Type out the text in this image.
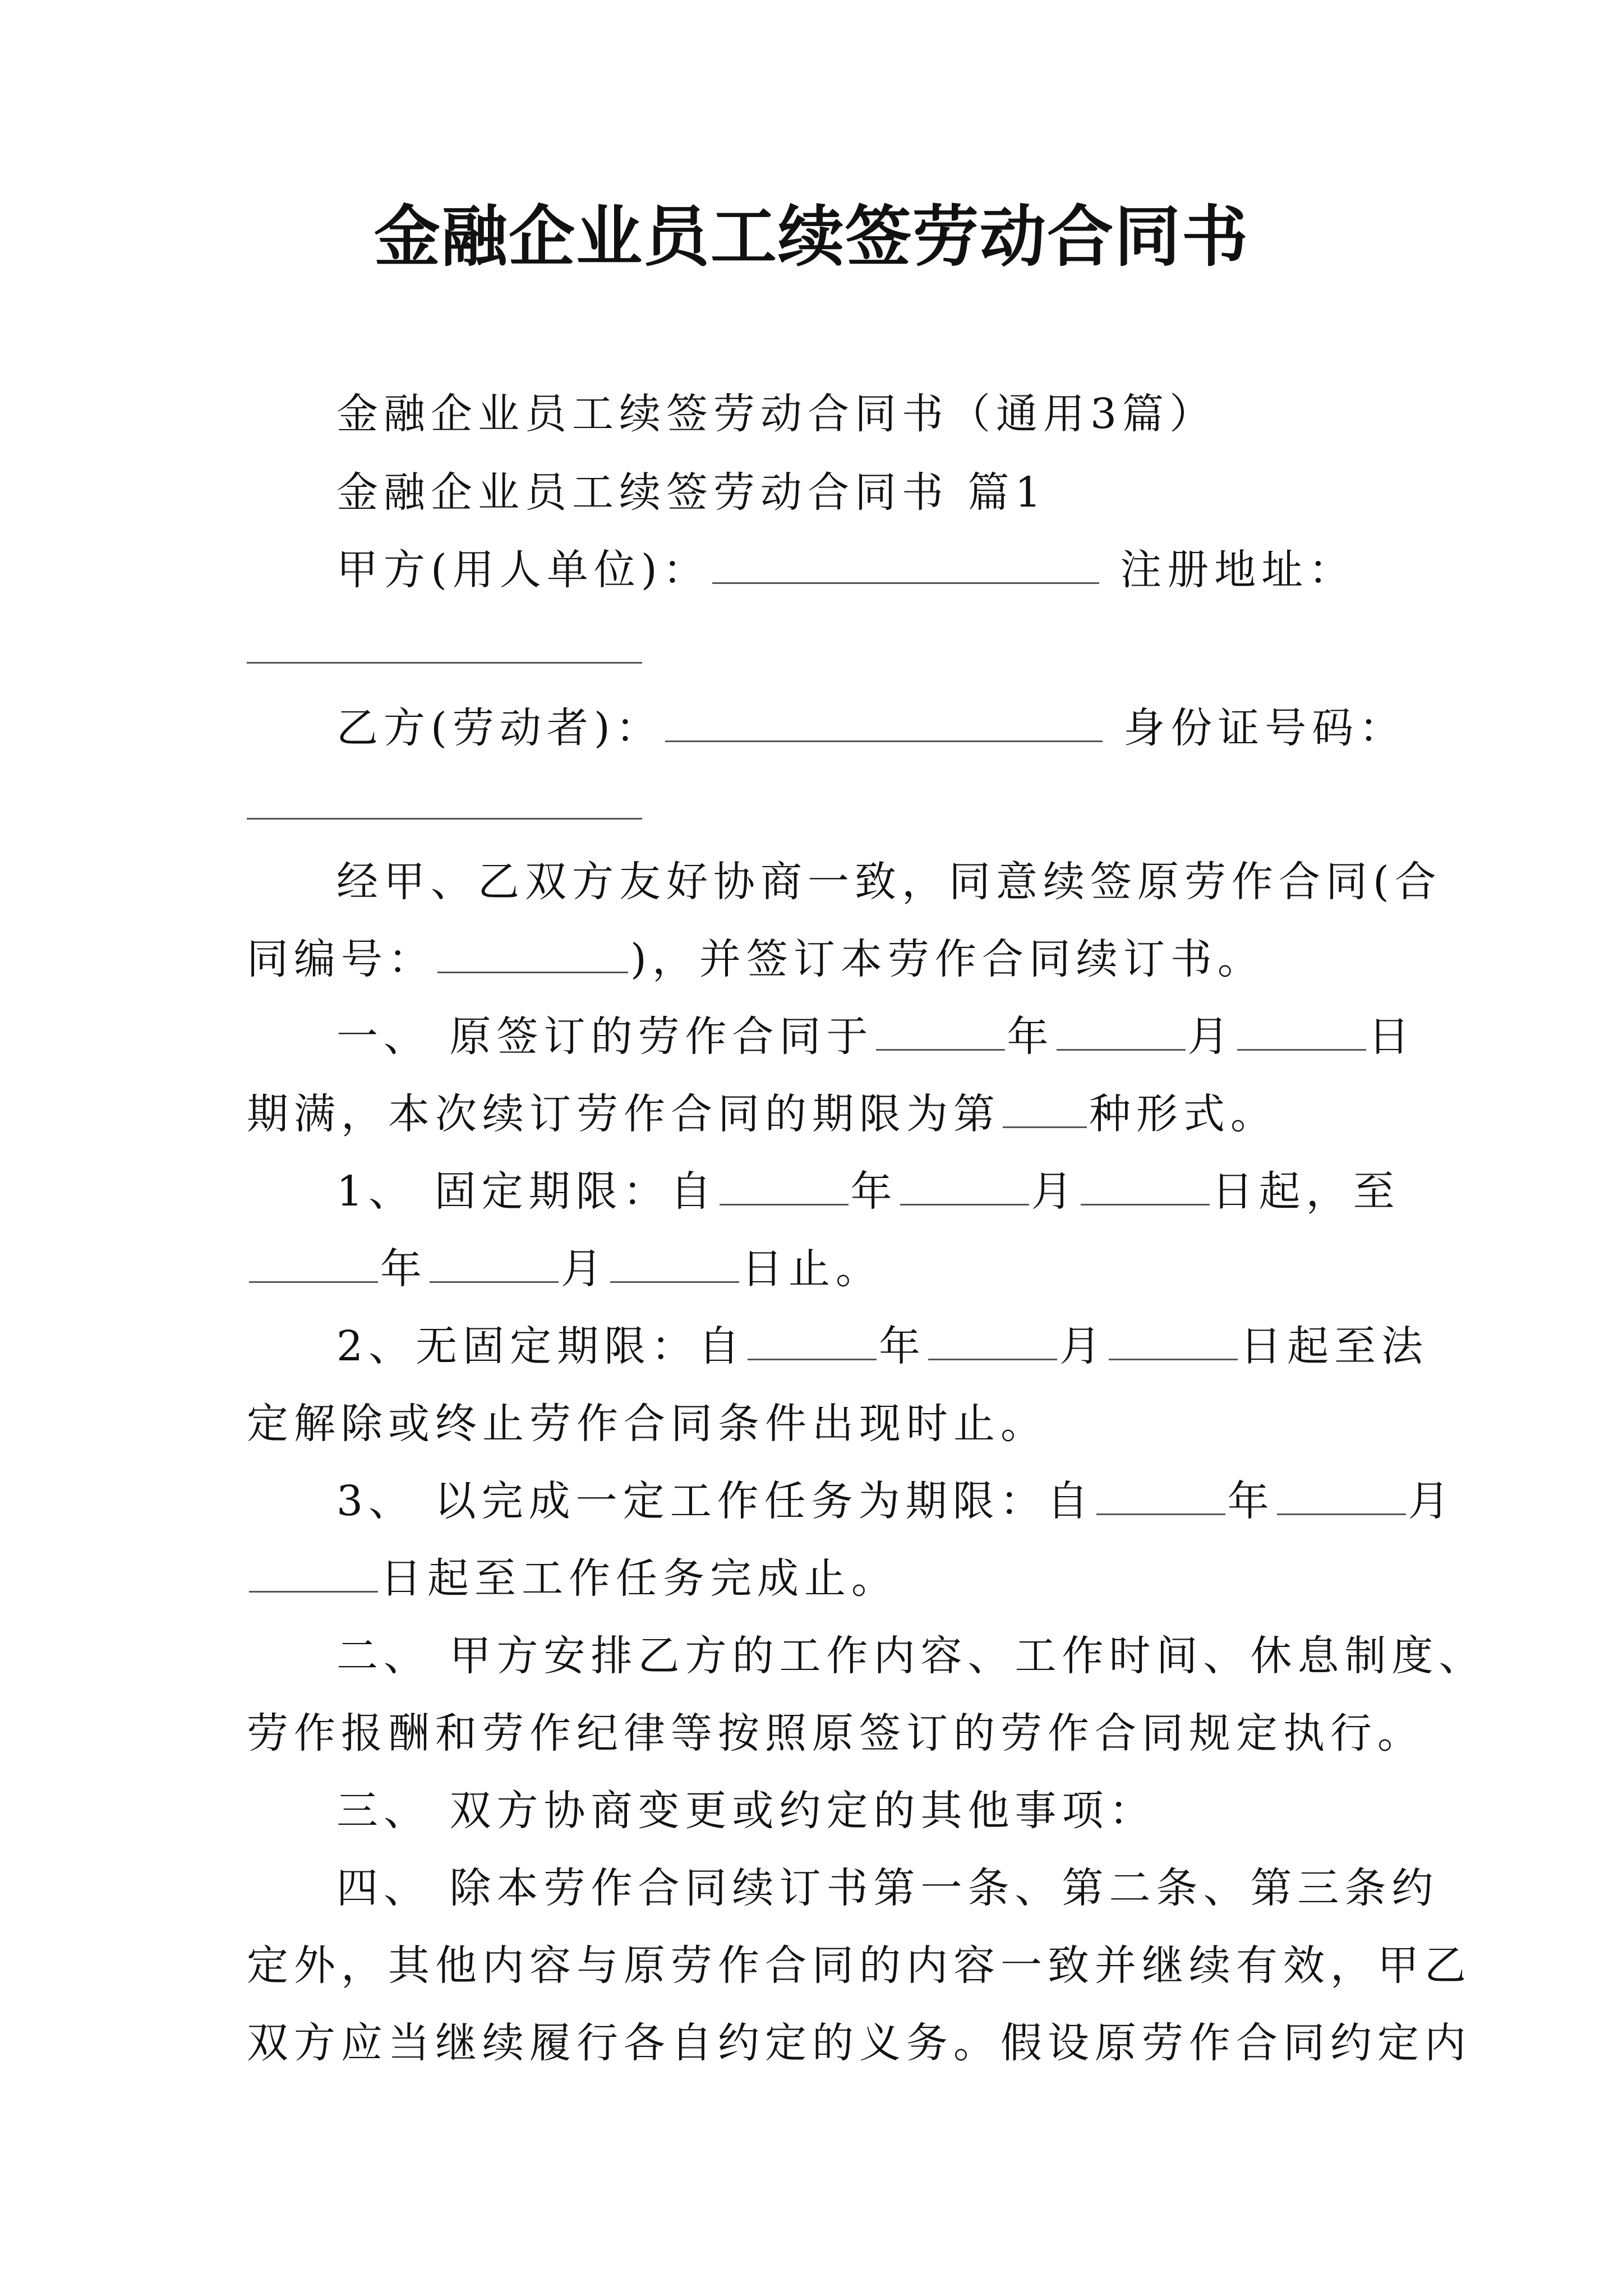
金融企业员工续签劳动合同书
金融企业员工续签劳动合同书（通用3篇）
金融企业员工续签劳动合同书 篇1
甲方(用人单位)：	注册地址：
乙方(劳动者)：	身份证号码：
经甲、乙双方友好协商一致，同意续签原劳作合同(合
同编号：	)，并签订本劳作合同续订书。
一、 原签订的劳作合同于	年	月	日
期满，本次续订劳作合同的期限为第 种形式。
1、 固定期限：自	年	月	日起，至
年	月	日止。
2、无固定期限：自	年	月	日起至法
定解除或终止劳作合同条件出现时止。
3、 以完成一定工作任务为期限：自	年	月
日起至工作任务完成止。
二、 甲方安排乙方的工作内容、工作时间、休息制度、
劳作报酬和劳作纪律等按照原签订的劳作合同规定执行。
三、 双方协商变更或约定的其他事项：
四、 除本劳作合同续订书第一条、第二条、第三条约
定外，其他内容与原劳作合同的内容一致并继续有效，甲乙
双方应当继续履行各自约定的义务。假设原劳作合同约定内
